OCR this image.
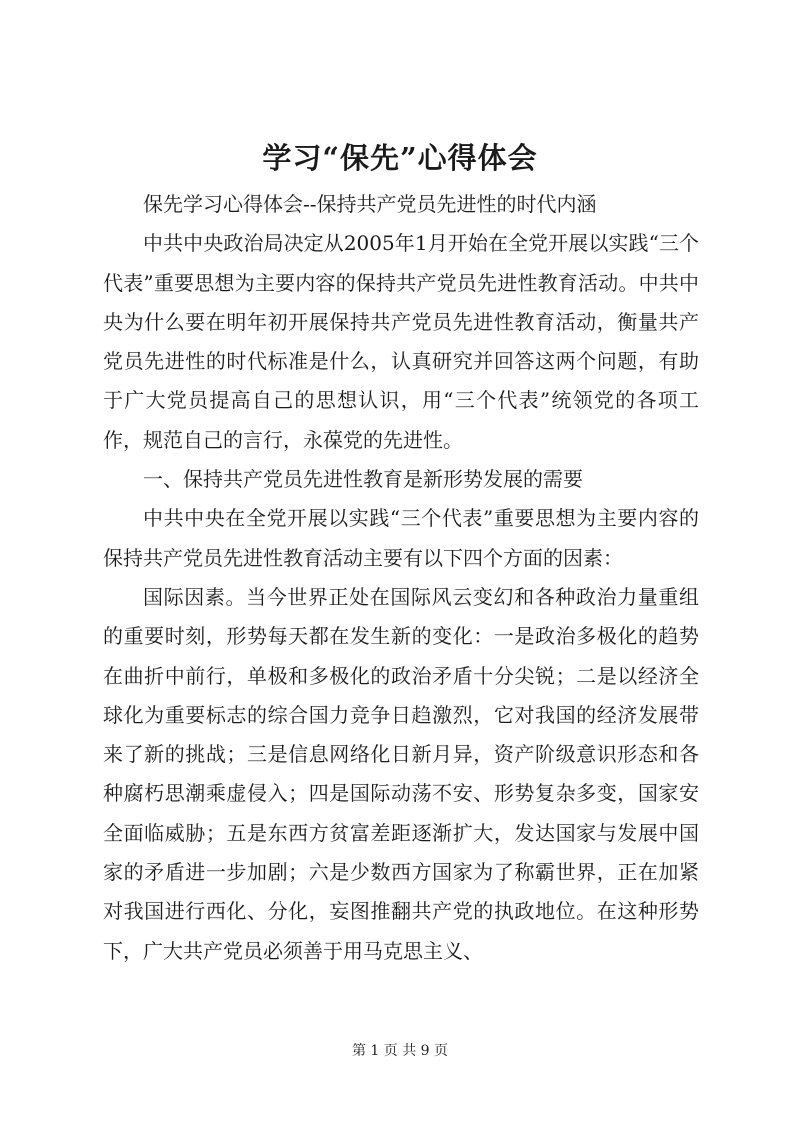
学习“保先”心得体会

保先学习心得体会--保持共产党员先进性的时代内涵

中共中央政治局决定从2005年1月开始在全党开展以实践“三个代表”重要思想为主要内容的保持共产党员先进性教育活动。中共中央为什么要在明年初开展保持共产党员先进性教育活动，衡量共产党员先进性的时代标准是什么，认真研究并回答这两个问题，有助于广大党员提高自己的思想认识，用“三个代表”统领党的各项工作，规范自己的言行，永葆党的先进性。

一、保持共产党员先进性教育是新形势发展的需要

中共中央在全党开展以实践“三个代表”重要思想为主要内容的保持共产党员先进性教育活动主要有以下四个方面的因素：

国际因素。当今世界正处在国际风云变幻和各种政治力量重组的重要时刻，形势每天都在发生新的变化：一是政治多极化的趋势在曲折中前行，单极和多极化的政治矛盾十分尖锐；二是以经济全球化为重要标志的综合国力竞争日趋激烈，它对我国的经济发展带来了新的挑战；三是信息网络化日新月异，资产阶级意识形态和各种腐朽思潮乘虚侵入；四是国际动荡不安、形势复杂多变，国家安全面临威胁；五是东西方贫富差距逐渐扩大，发达国家与发展中国家的矛盾进一步加剧；六是少数西方国家为了称霸世界，正在加紧对我国进行西化、分化，妄图推翻共产党的执政地位。在这种形势下，广大共产党员必须善于用马克思主义、

第 1 页 共 9 页
